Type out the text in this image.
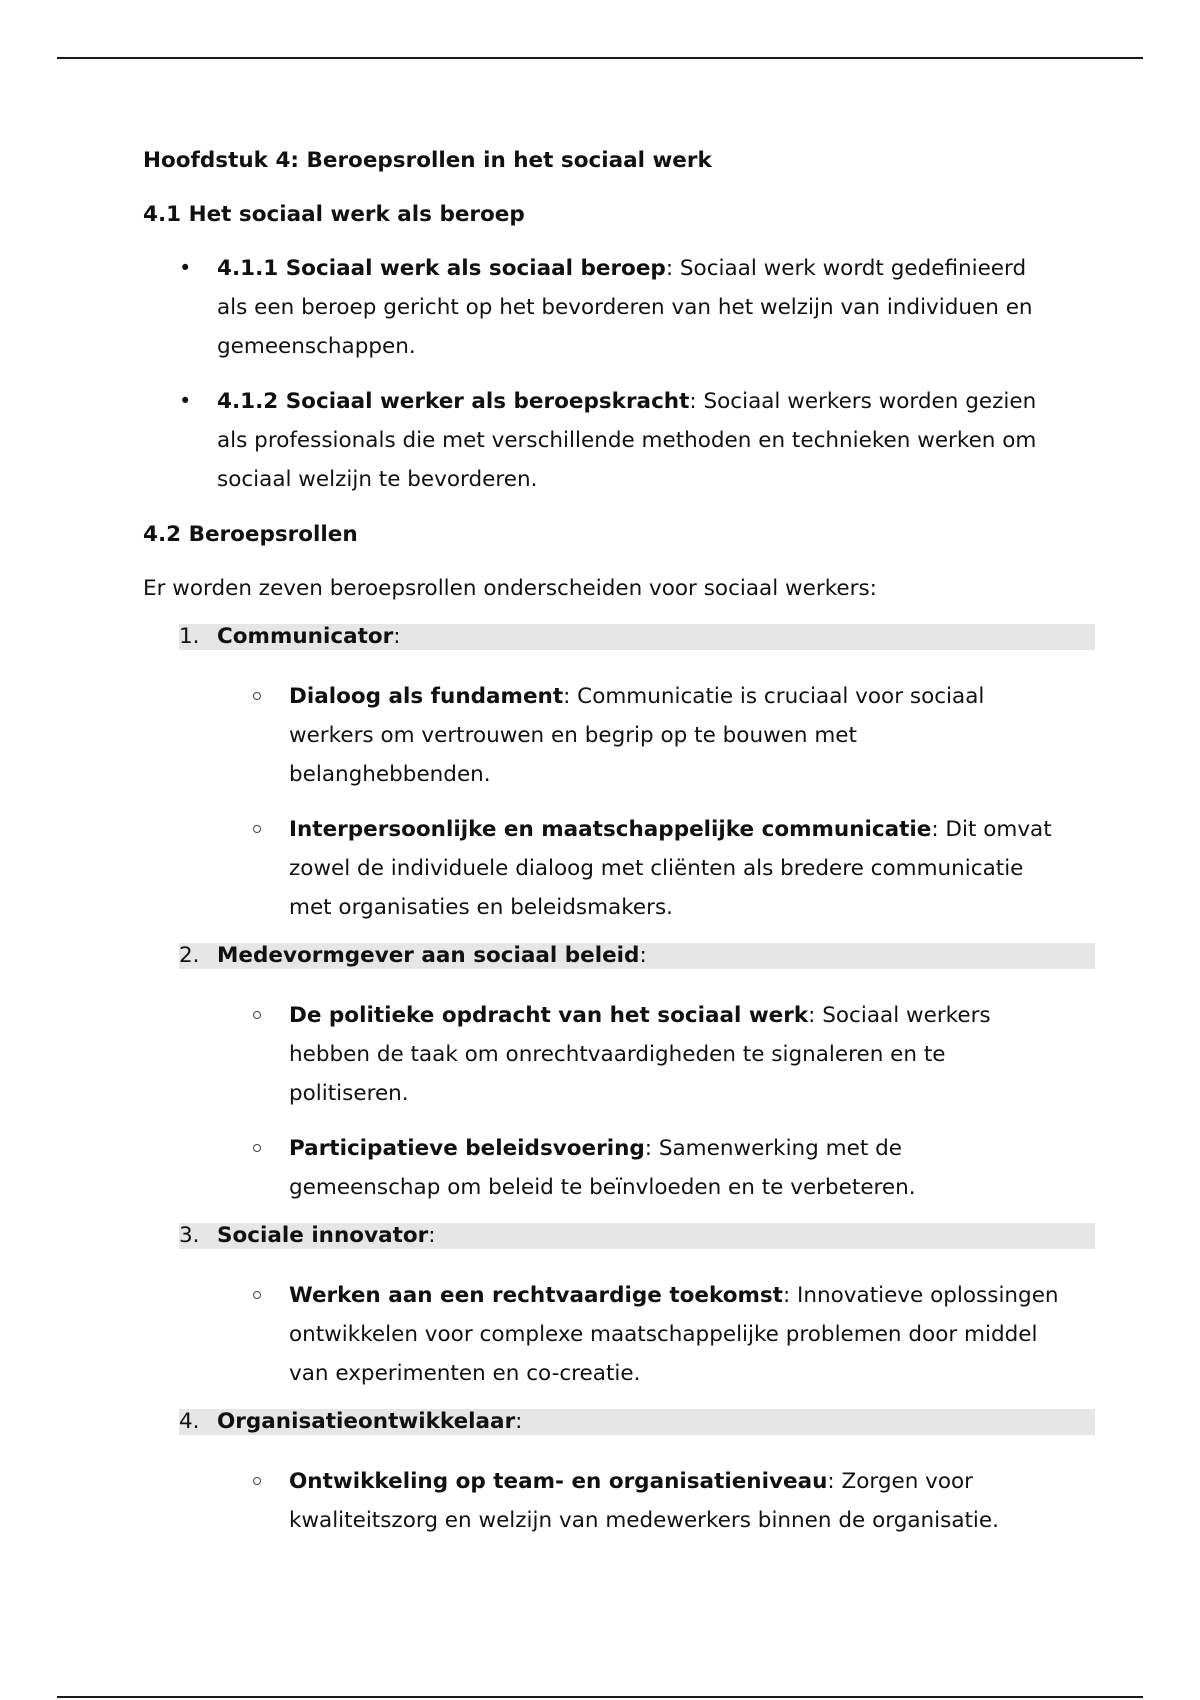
Hoofdstuk 4: Beroepsrollen in het sociaal werk

4.1 Het sociaal werk als beroep

• 4.1.1 Sociaal werk als sociaal beroep: Sociaal werk wordt gedefinieerd als een beroep gericht op het bevorderen van het welzijn van individuen en gemeenschappen.
• 4.1.2 Sociaal werker als beroepskracht: Sociaal werkers worden gezien als professionals die met verschillende methoden en technieken werken om sociaal welzijn te bevorderen.

4.2 Beroepsrollen

Er worden zeven beroepsrollen onderscheiden voor sociaal werkers:

1. Communicator:
Dialoog als fundament: Communicatie is cruciaal voor sociaal werkers om vertrouwen en begrip op te bouwen met belanghebbenden.
Interpersoonlijke en maatschappelijke communicatie: Dit omvat zowel de individuele dialoog met cliënten als bredere communicatie met organisaties en beleidsmakers.
2. Medevormgever aan sociaal beleid:
De politieke opdracht van het sociaal werk: Sociaal werkers hebben de taak om onrechtvaardigheden te signaleren en te politiseren.
Participatieve beleidsvoering: Samenwerking met de gemeenschap om beleid te beïnvloeden en te verbeteren.
3. Sociale innovator:
Werken aan een rechtvaardige toekomst: Innovatieve oplossingen ontwikkelen voor complexe maatschappelijke problemen door middel van experimenten en co-creatie.
4. Organisatieontwikkelaar:
Ontwikkeling op team- en organisatieniveau: Zorgen voor kwaliteitszorg en welzijn van medewerkers binnen de organisatie.
